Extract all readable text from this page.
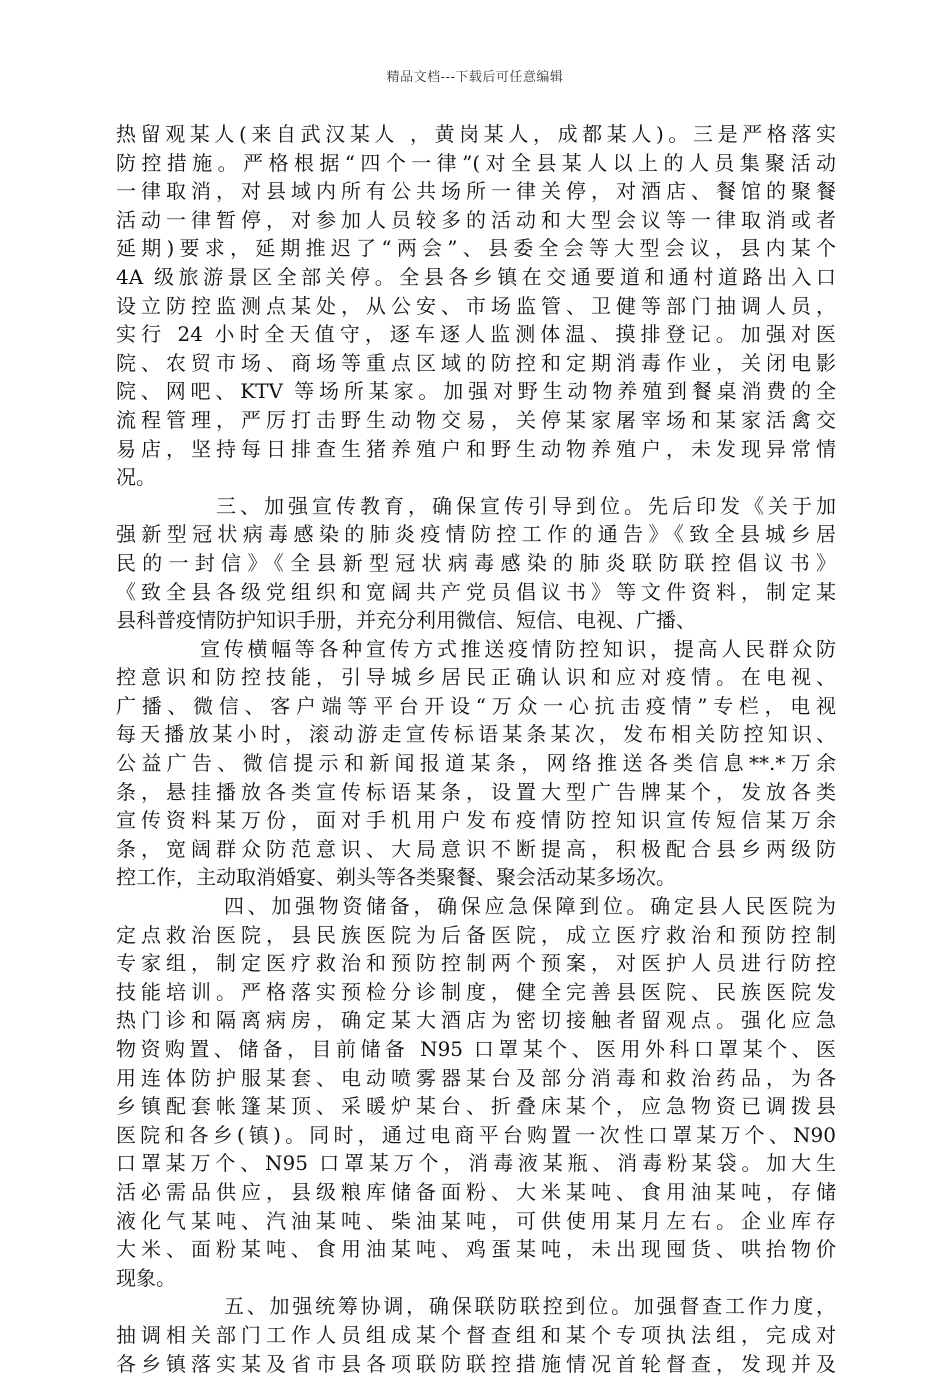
精品文档---下载后可任意编辑
热留观某人(来自武汉某人 ，黄岗某人，成都某人)。三是严格落实
防控措施。严格根据“四个一律”(对全县某人以上的人员集聚活动
一律取消，对县域内所有公共场所一律关停，对酒店、餐馆的聚餐
活动一律暂停，对参加人员较多的活动和大型会议等一律取消或者
延期)要求，延期推迟了“两会”、县委全会等大型会议，县内某个
4A 级旅游景区全部关停。全县各乡镇在交通要道和通村道路出入口
设立防控监测点某处，从公安、市场监管、卫健等部门抽调人员，
实行 24 小时全天值守，逐车逐人监测体温、摸排登记。加强对医
院、农贸市场、商场等重点区域的防控和定期消毒作业，关闭电影
院、网吧、KTV 等场所某家。加强对野生动物养殖到餐桌消费的全
流程管理，严厉打击野生动物交易，关停某家屠宰场和某家活禽交
易店，坚持每日排查生猪养殖户和野生动物养殖户，未发现异常情
况。
三、加强宣传教育，确保宣传引导到位。先后印发《关于加
强新型冠状病毒感染的肺炎疫情防控工作的通告》《致全县城乡居
民的一封信》《全县新型冠状病毒感染的肺炎联防联控倡议书》
《致全县各级党组织和宽阔共产党员倡议书》等文件资料，制定某
县科普疫情防护知识手册，并充分利用微信、短信、电视、广播、
宣传横幅等各种宣传方式推送疫情防控知识，提高人民群众防
控意识和防控技能，引导城乡居民正确认识和应对疫情。在电视、
广播、微信、客户端等平台开设“万众一心抗击疫情”专栏，电视
每天播放某小时，滚动游走宣传标语某条某次，发布相关防控知识、
公益广告、微信提示和新闻报道某条，网络推送各类信息**.*万余
条，悬挂播放各类宣传标语某条，设置大型广告牌某个，发放各类
宣传资料某万份，面对手机用户发布疫情防控知识宣传短信某万余
条，宽阔群众防范意识、大局意识不断提高，积极配合县乡两级防
控工作，主动取消婚宴、剃头等各类聚餐、聚会活动某多场次。
四、加强物资储备，确保应急保障到位。确定县人民医院为
定点救治医院，县民族医院为后备医院，成立医疗救治和预防控制
专家组，制定医疗救治和预防控制两个预案，对医护人员进行防控
技能培训。严格落实预检分诊制度，健全完善县医院、民族医院发
热门诊和隔离病房，确定某大酒店为密切接触者留观点。强化应急
物资购置、储备，目前储备 N95 口罩某个、医用外科口罩某个、医
用连体防护服某套、电动喷雾器某台及部分消毒和救治药品，为各
乡镇配套帐篷某顶、采暖炉某台、折叠床某个，应急物资已调拨县
医院和各乡(镇)。同时，通过电商平台购置一次性口罩某万个、N90
口罩某万个、N95 口罩某万个，消毒液某瓶、消毒粉某袋。加大生
活必需品供应，县级粮库储备面粉、大米某吨、食用油某吨，存储
液化气某吨、汽油某吨、柴油某吨，可供使用某月左右。企业库存
大米、面粉某吨、食用油某吨、鸡蛋某吨，未出现囤货、哄抬物价
现象。
五、加强统筹协调，确保联防联控到位。加强督查工作力度，
抽调相关部门工作人员组成某个督查组和某个专项执法组，完成对
各乡镇落实某及省市县各项联防联控措施情况首轮督查，发现并及
